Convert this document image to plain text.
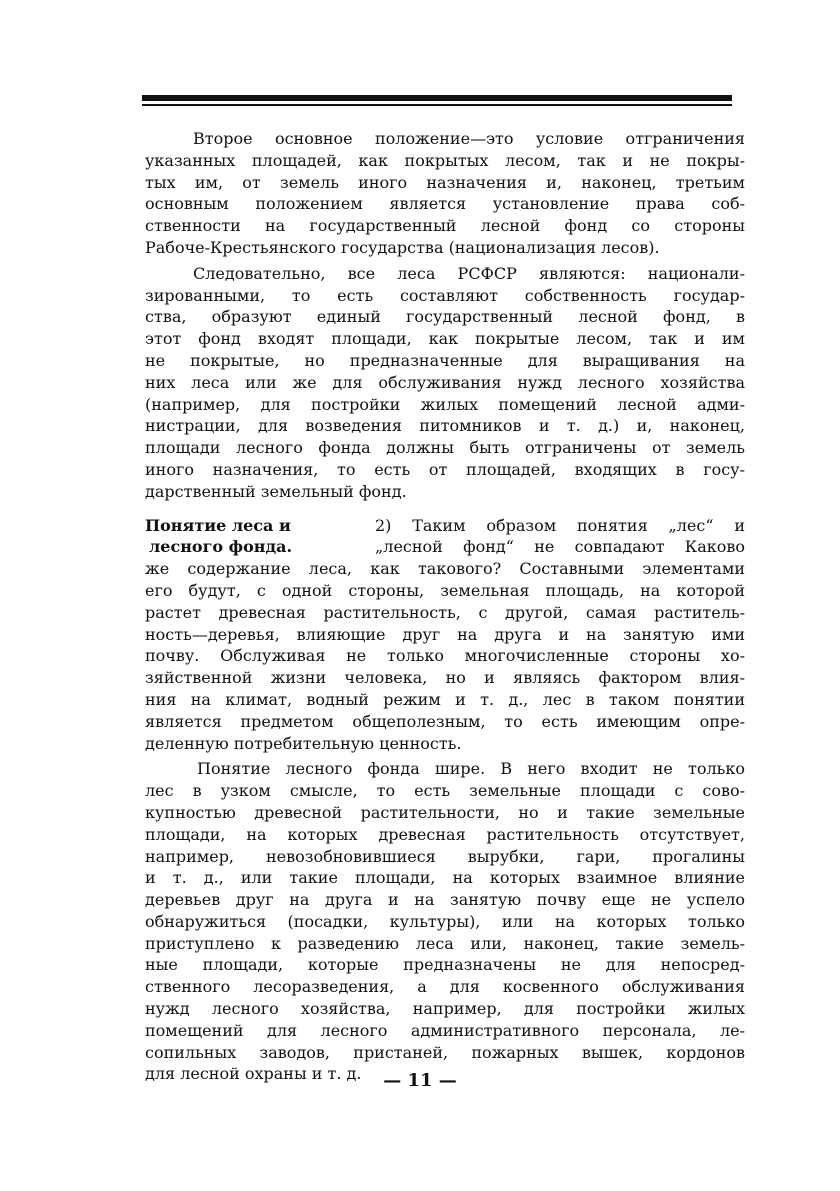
Второе основное положение—это условие отграничения
указанных площадей, как покрытых лесом, так и не покры-
тых им, от земель иного назначения и, наконец, третьим
основным положением является установление права соб-
ственности на государственный лесной фонд со стороны
Рабоче-Крестьянского государства (национализация лесов).
Следовательно, все леса РСФСР являются: национали-
зированными, то есть составляют собственность государ-
ства, образуют единый государственный лесной фонд, в
этот фонд входят площади, как покрытые лесом, так и им
не покрытые, но предназначенные для выращивания на
них леса или же для обслуживания нужд лесного хозяйства
(например, для постройки жилых помещений лесной адми-
нистрации, для возведения питомников и т. д.) и, наконец,
площади лесного фонда должны быть отграничены от земель
иного назначения, то есть от площадей, входящих в госу-
дарственный земельный фонд.
Понятие леса и
лесного фонда.
2) Таким образом понятия „лес“ и
„лесной фонд“ не совпадают Каково
же содержание леса, как такового? Составными элементами
его будут, с одной стороны, земельная площадь, на которой
растет древесная растительность, с другой, самая раститель-
ность—деревья, влияющие друг на друга и на занятую ими
почву. Обслуживая не только многочисленные стороны хо-
зяйственной жизни человека, но и являясь фактором влия-
ния на климат, водный режим и т. д., лес в таком понятии
является предметом общеполезным, то есть имеющим опре-
деленную потребительную ценность.
Понятие лесного фонда шире. В него входит не только
лес в узком смысле, то есть земельные площади с сово-
купностью древесной растительности, но и такие земельные
площади, на которых древесная растительность отсутствует,
например, невозобновившиеся вырубки, гари, прогалины
и т. д., или такие площади, на которых взаимное влияние
деревьев друг на друга и на занятую почву еще не успело
обнаружиться (посадки, культуры), или на которых только
приступлено к разведению леса или, наконец, такие земель-
ные площади, которые предназначены не для непосред-
ственного лесоразведения, а для косвенного обслуживания
нужд лесного хозяйства, например, для постройки жилых
помещений для лесного административного персонала, ле-
сопильных заводов, пристаней, пожарных вышек, кордонов
для лесной охраны и т. д.	— 11 —
